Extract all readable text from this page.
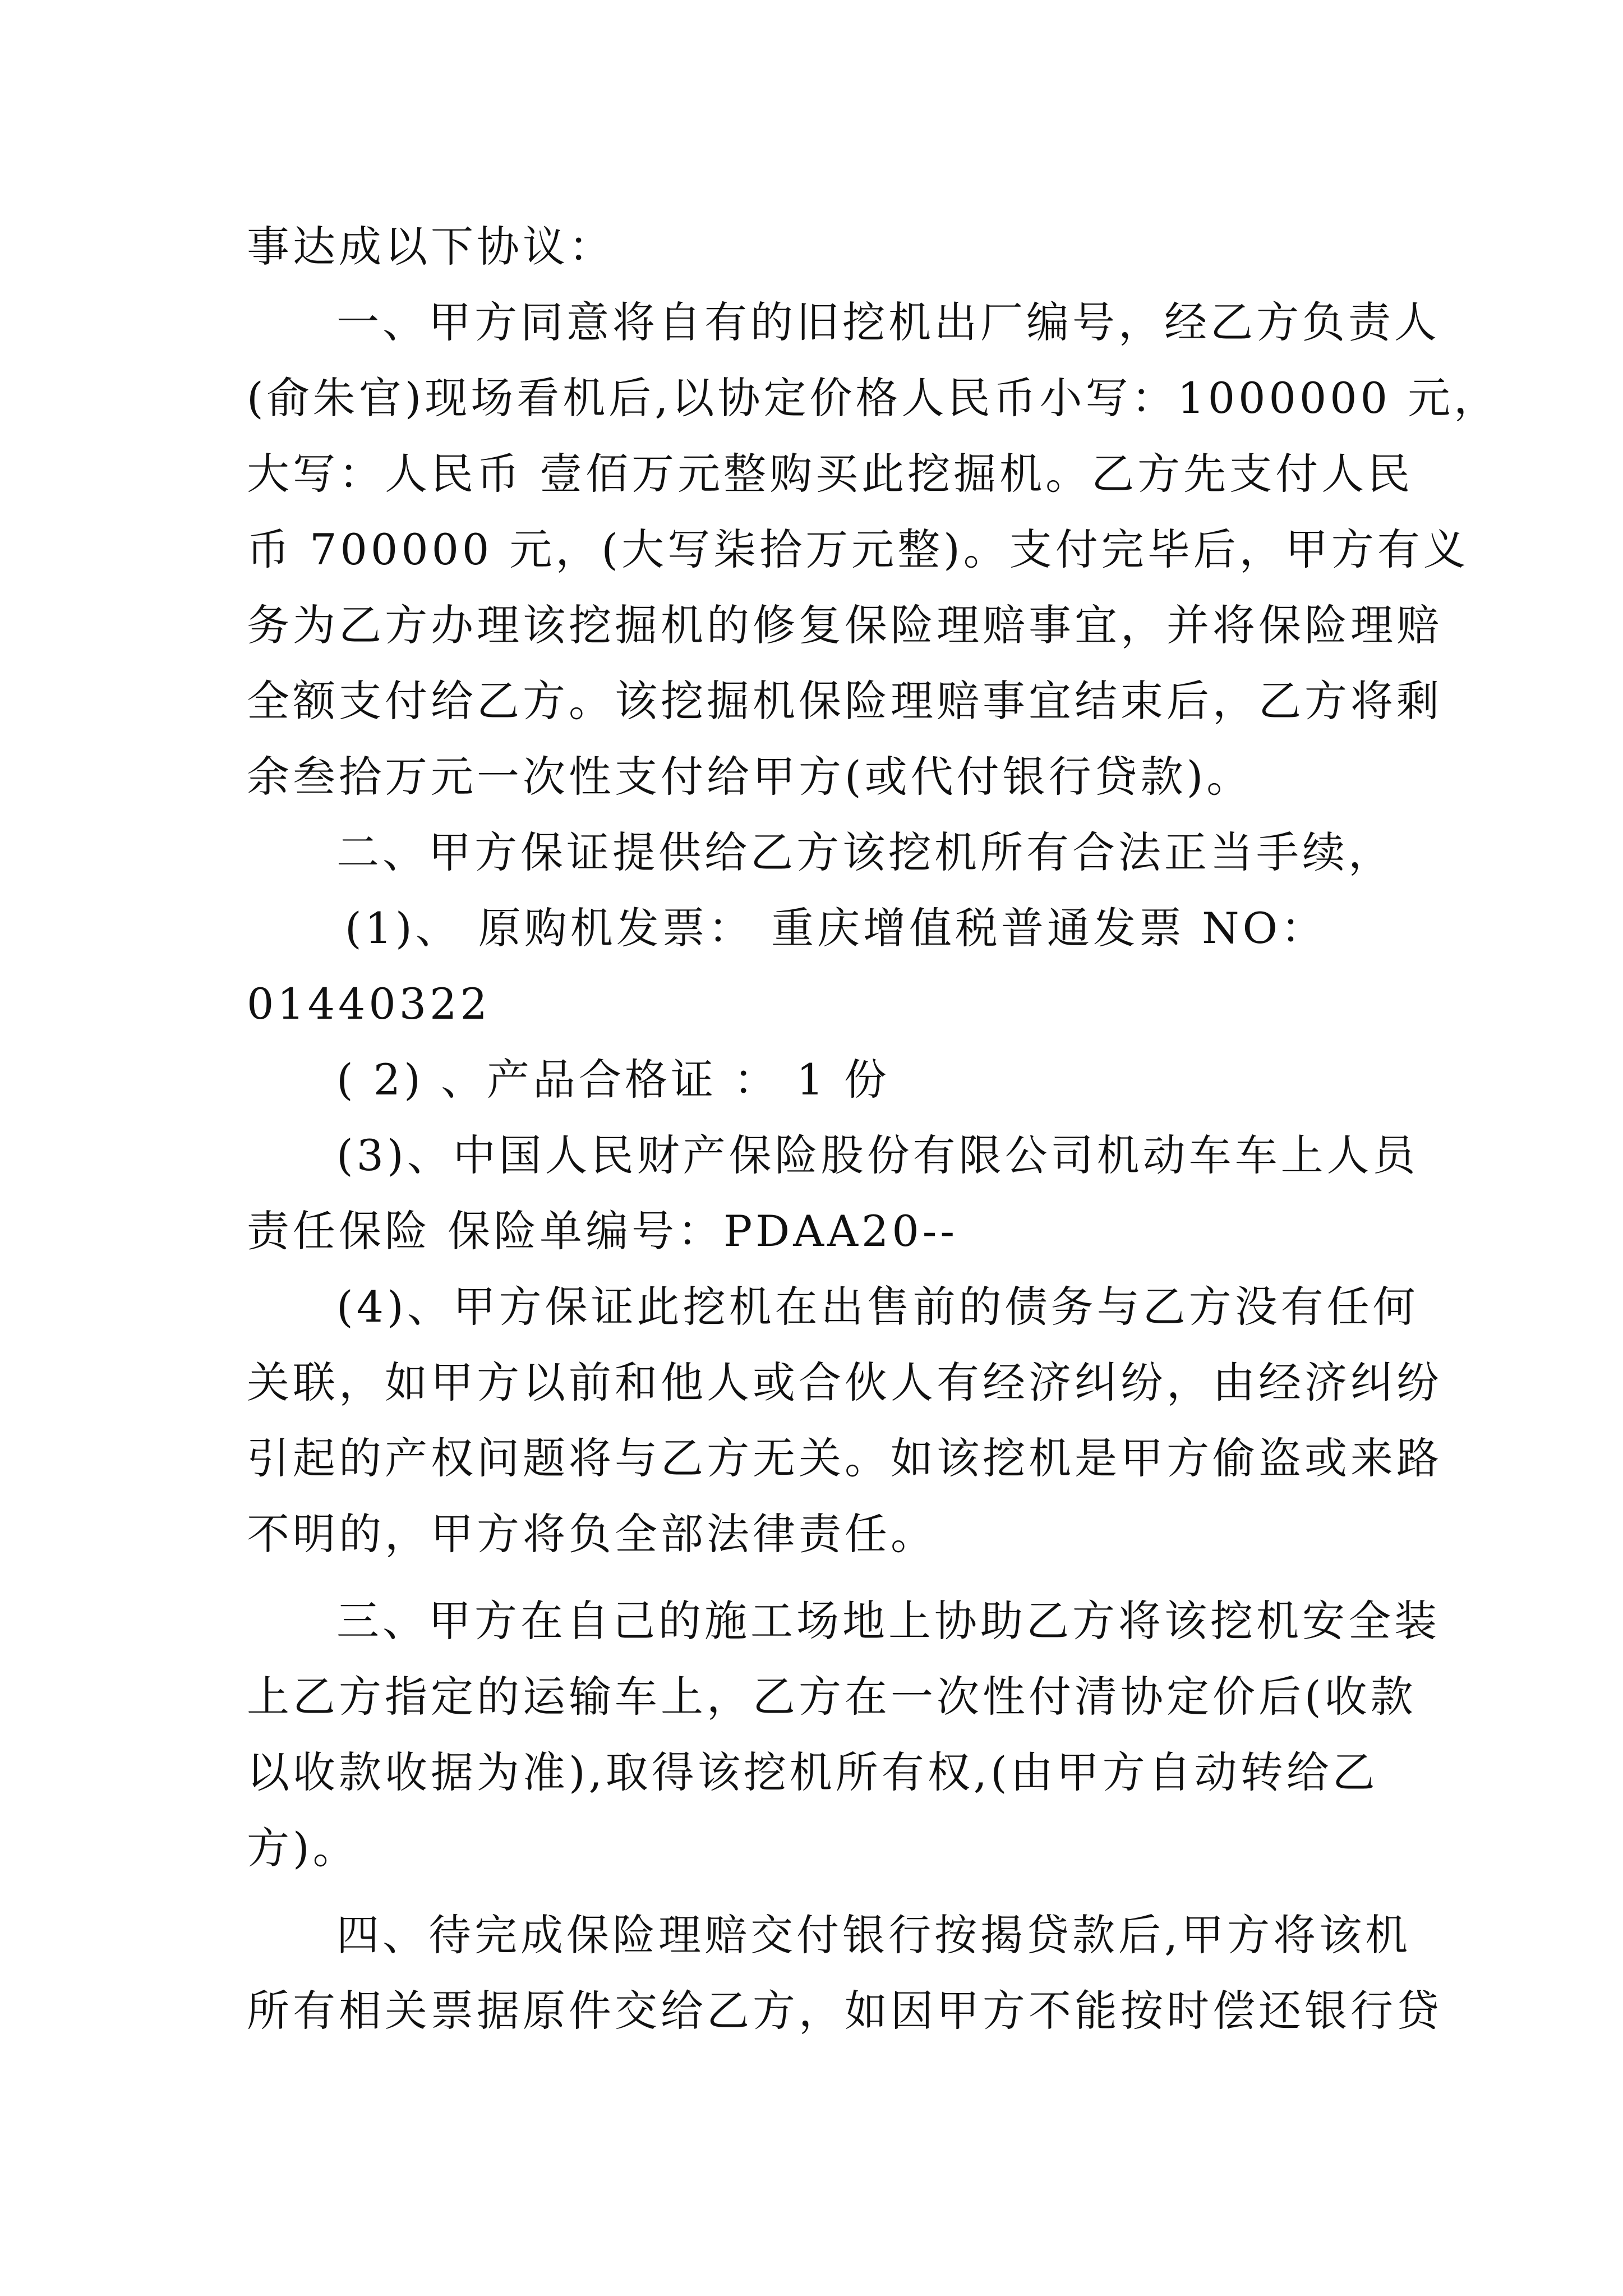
事达成以下协议：
一、甲方同意将自有的旧挖机出厂编号，经乙方负责人
(俞朱官)现场看机后,以协定价格人民币小写：1000000 元，
大写：人民币 壹佰万元整购买此挖掘机。乙方先支付人民
币 700000 元，(大写柒拾万元整)。支付完毕后，甲方有义
务为乙方办理该挖掘机的修复保险理赔事宜，并将保险理赔
全额支付给乙方。该挖掘机保险理赔事宜结束后，乙方将剩
余叁拾万元一次性支付给甲方(或代付银行贷款)。
二、甲方保证提供给乙方该挖机所有合法正当手续，
(1)、 原购机发票： 重庆增值税普通发票 NO：
01440322
( 2) 、产品合格证 ： 1 份
(3)、中国人民财产保险股份有限公司机动车车上人员
责任保险 保险单编号：PDAA20--
(4)、甲方保证此挖机在出售前的债务与乙方没有任何
关联，如甲方以前和他人或合伙人有经济纠纷，由经济纠纷
引起的产权问题将与乙方无关。如该挖机是甲方偷盗或来路
不明的，甲方将负全部法律责任。
三、甲方在自己的施工场地上协助乙方将该挖机安全装
上乙方指定的运输车上，乙方在一次性付清协定价后(收款
以收款收据为准),取得该挖机所有权,(由甲方自动转给乙
方)。
四、待完成保险理赔交付银行按揭贷款后,甲方将该机
所有相关票据原件交给乙方，如因甲方不能按时偿还银行贷
